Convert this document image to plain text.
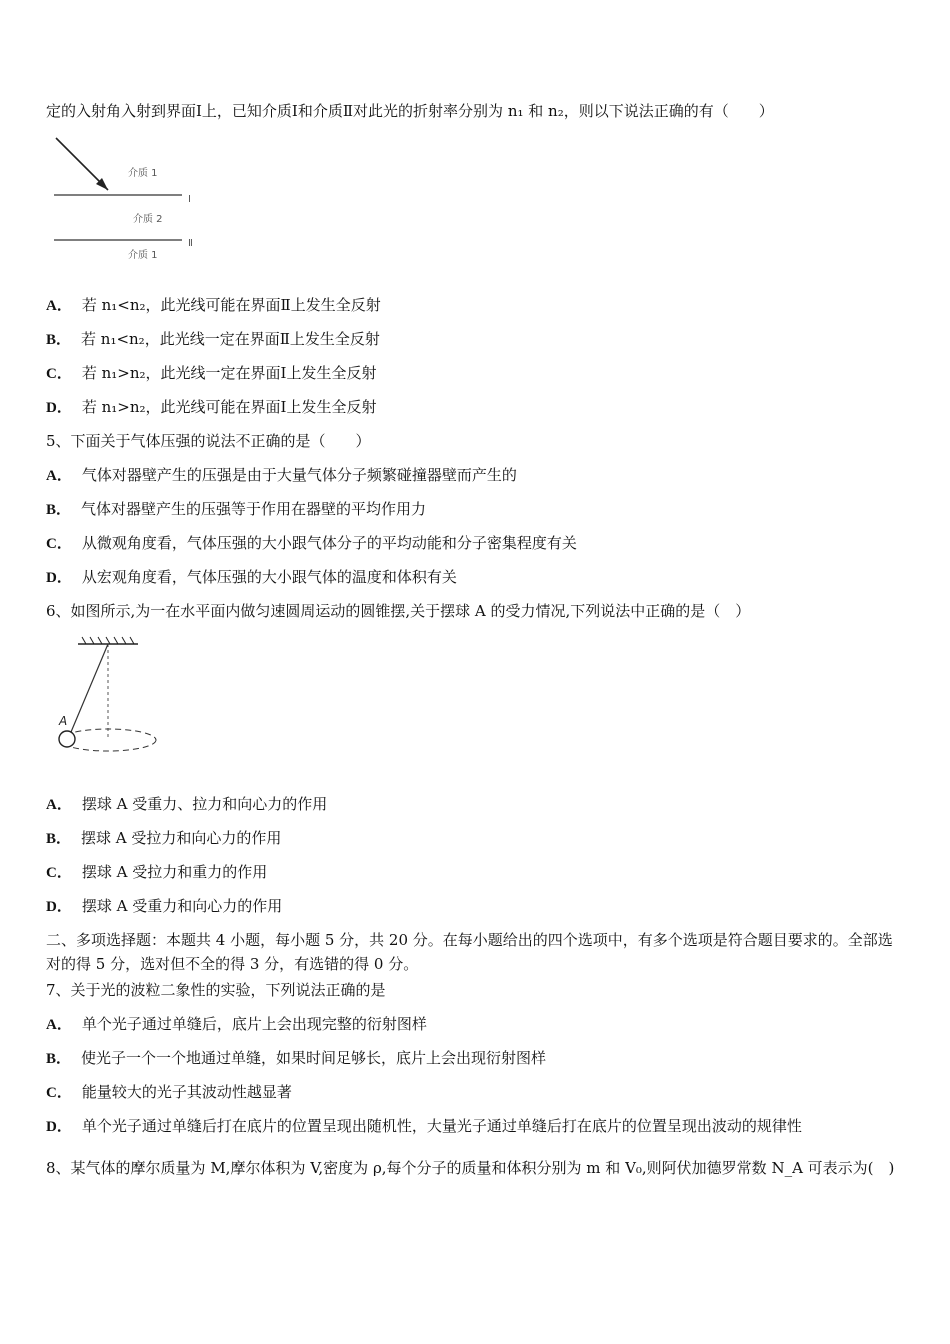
定的入射角入射到界面Ⅰ上，已知介质Ⅰ和介质Ⅱ对此光的折射率分别为 n₁ 和 n₂，则以下说法正确的有（　　）
介质 1
介质 2
介质 1
Ⅰ
Ⅱ
A． 若 n₁<n₂，此光线可能在界面Ⅱ上发生全反射
B． 若 n₁<n₂，此光线一定在界面Ⅱ上发生全反射
C． 若 n₁>n₂，此光线一定在界面Ⅰ上发生全反射
D． 若 n₁>n₂，此光线可能在界面Ⅰ上发生全反射
5、下面关于气体压强的说法不正确的是（　　）
A． 气体对器壁产生的压强是由于大量气体分子频繁碰撞器壁而产生的
B． 气体对器壁产生的压强等于作用在器壁的平均作用力
C． 从微观角度看，气体压强的大小跟气体分子的平均动能和分子密集程度有关
D． 从宏观角度看，气体压强的大小跟气体的温度和体积有关
6、如图所示,为一在水平面内做匀速圆周运动的圆锥摆,关于摆球 A 的受力情况,下列说法中正确的是（　）
A
A． 摆球 A 受重力、拉力和向心力的作用
B． 摆球 A 受拉力和向心力的作用
C． 摆球 A 受拉力和重力的作用
D． 摆球 A 受重力和向心力的作用
二、多项选择题：本题共 4 小题，每小题 5 分，共 20 分。在每小题给出的四个选项中，有多个选项是符合题目要求的。全部选对的得 5 分，选对但不全的得 3 分，有选错的得 0 分。
7、关于光的波粒二象性的实验，下列说法正确的是
A． 单个光子通过单缝后，底片上会出现完整的衍射图样
B． 使光子一个一个地通过单缝，如果时间足够长，底片上会出现衍射图样
C． 能量较大的光子其波动性越显著
D． 单个光子通过单缝后打在底片的位置呈现出随机性，大量光子通过单缝后打在底片的位置呈现出波动的规律性
8、某气体的摩尔质量为 M,摩尔体积为 V,密度为 ρ,每个分子的质量和体积分别为 m 和 V₀,则阿伏加德罗常数 N_A 可表示为(　)
